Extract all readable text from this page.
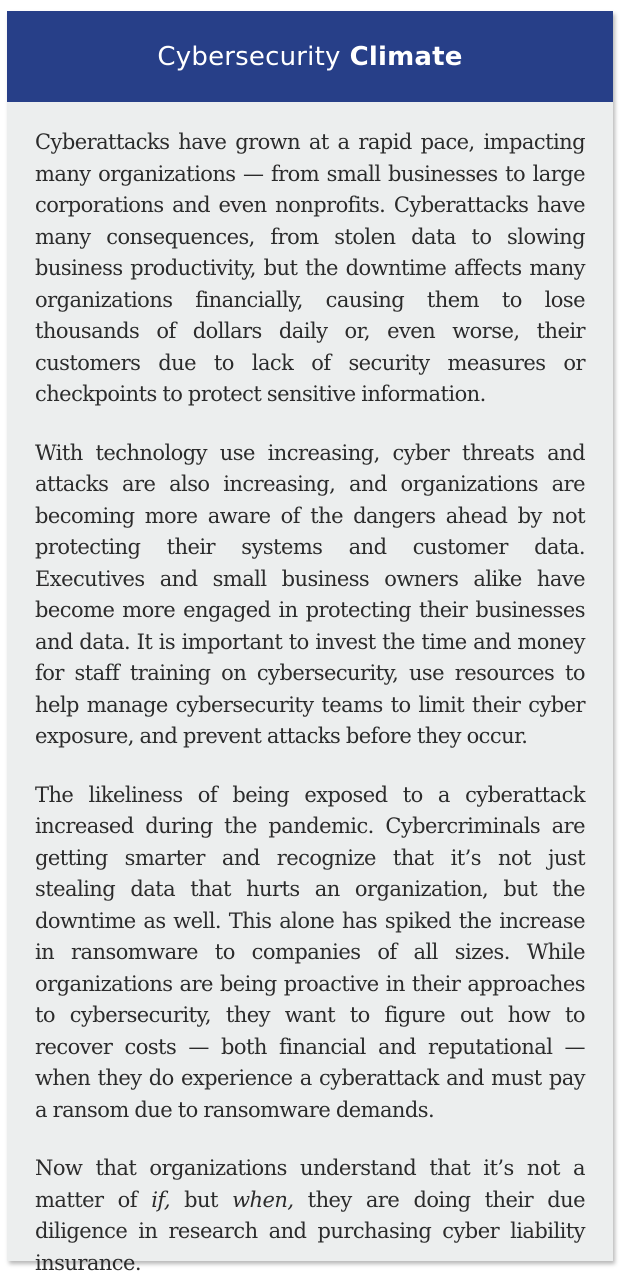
Cybersecurity Climate

Cyberattacks have grown at a rapid pace, impacting many organizations — from small businesses to large corporations and even nonprofits. Cyberattacks have many consequences, from stolen data to slowing business productivity, but the downtime affects many organizations financially, causing them to lose thousands of dollars daily or, even worse, their customers due to lack of security measures or checkpoints to protect sensitive information.

With technology use increasing, cyber threats and attacks are also increasing, and organizations are becoming more aware of the dangers ahead by not protecting their systems and customer data. Executives and small business owners alike have become more engaged in protecting their businesses and data. It is important to invest the time and money for staff training on cybersecurity, use resources to help manage cybersecurity teams to limit their cyber exposure, and prevent attacks before they occur.

The likeliness of being exposed to a cyberattack increased during the pandemic. Cybercriminals are getting smarter and recognize that it’s not just stealing data that hurts an organization, but the downtime as well. This alone has spiked the increase in ransomware to companies of all sizes. While organizations are being proactive in their approaches to cybersecurity, they want to figure out how to recover costs — both financial and reputational — when they do experience a cyberattack and must pay a ransom due to ransomware demands.

Now that organizations understand that it’s not a matter of if, but when, they are doing their due diligence in research and purchasing cyber liability insurance.
